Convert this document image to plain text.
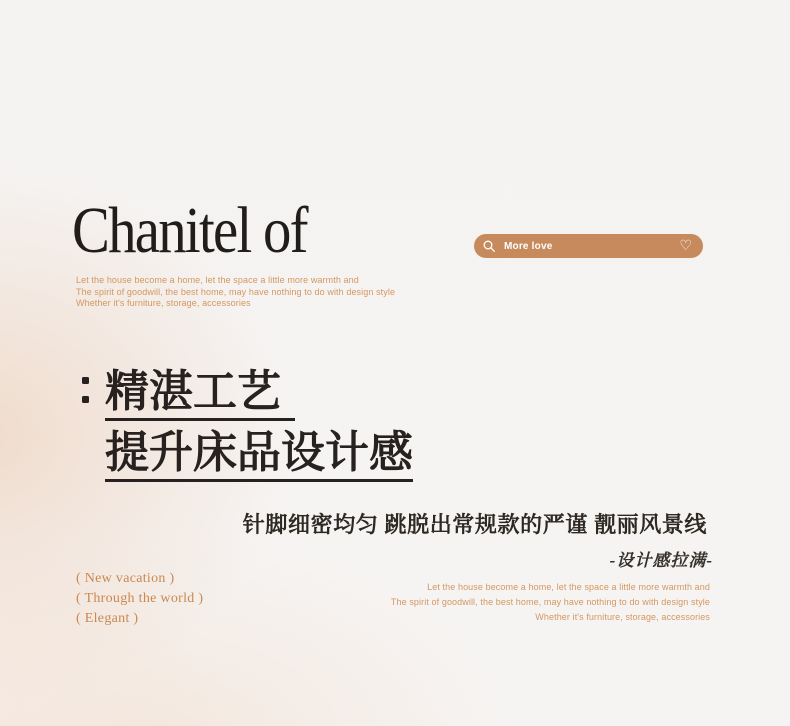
Chanitel of
Let the house become a home, let the space a little more warmth and
The spirit of goodwill, the best home, may have nothing to do with design style
Whether it's furniture, storage, accessories
More love	♡
精湛工艺
提升床品设计感
针脚细密均匀 跳脱出常规款的严谨 靓丽风景线
-设计感拉满-
( New vacation )
( Through the world )
( Elegant )
Let the house become a home, let the space a little more warmth and
The spirit of goodwill, the best home, may have nothing to do with design style
Whether it's furniture, storage, accessories
